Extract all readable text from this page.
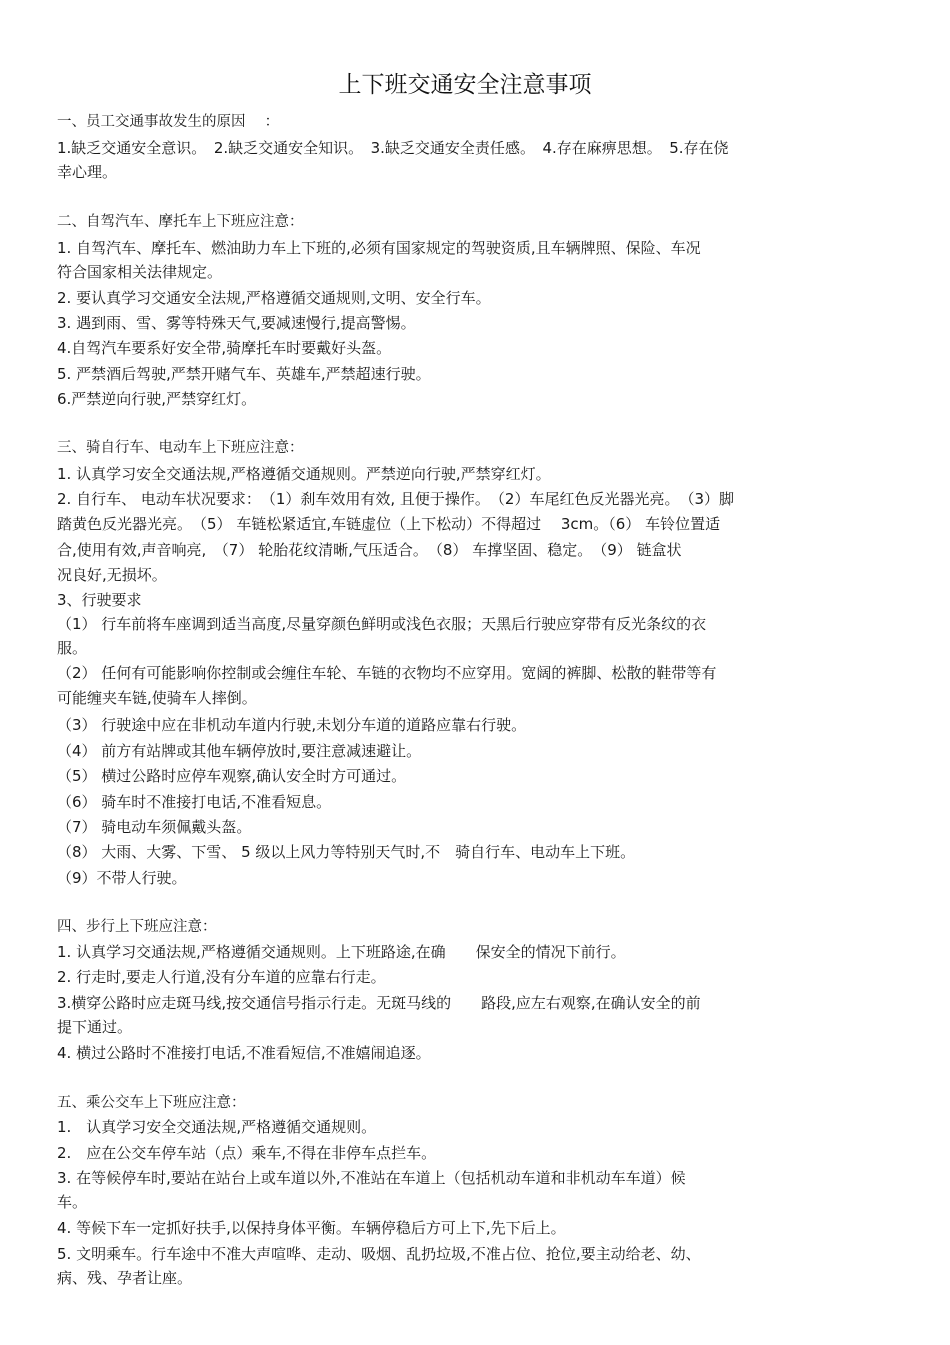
上下班交通安全注意事项
一、员工交通事故发生的原因　 ：
1.缺乏交通安全意识。　2.缺乏交通安全知识。　3.缺乏交通安全责任感。　4.存在麻痹思想。　5.存在侥
幸心理。
二、自驾汽车、摩托车上下班应注意：
1. 自驾汽车、摩托车、燃油助力车上下班的,必须有国家规定的驾驶资质,且车辆牌照、保险、车况
符合国家相关法律规定。
2. 要认真学习交通安全法规,严格遵循交通规则,文明、安全行车。
3. 遇到雨、雪、雾等特殊天气,要减速慢行,提高警惕。
4.自驾汽车要系好安全带,骑摩托车时要戴好头盔。
5. 严禁酒后驾驶,严禁开赌气车、英雄车,严禁超速行驶。
6.严禁逆向行驶,严禁穿红灯。
三、骑自行车、电动车上下班应注意：
1. 认真学习安全交通法规,严格遵循交通规则。严禁逆向行驶,严禁穿红灯。
2. 自行车、 电动车状况要求：　（1）刹车效用有效, 且便于操作。　（2）车尾红色反光器光亮。　（3）脚
踏黄色反光器光亮。　（5） 车链松紧适宜,车链虚位（上下松动）不得超过　 3cm。（6） 车铃位置适
合,使用有效,声音响亮,　（7） 轮胎花纹清晰,气压适合。　（8） 车撑坚固、稳定。　（9） 链盒状
况良好,无损坏。
3、行驶要求
（1） 行车前将车座调到适当高度,尽量穿颜色鲜明或浅色衣服；天黑后行驶应穿带有反光条纹的衣
服。
（2） 任何有可能影响你控制或会缠住车轮、车链的衣物均不应穿用。宽阔的裤脚、松散的鞋带等有
可能缠夹车链,使骑车人摔倒。
（3） 行驶途中应在非机动车道内行驶,未划分车道的道路应靠右行驶。
（4） 前方有站牌或其他车辆停放时,要注意减速避让。
（5） 横过公路时应停车观察,确认安全时方可通过。
（6） 骑车时不准接打电话,不准看短息。
（7） 骑电动车须佩戴头盔。
（8） 大雨、大雾、下雪、 5 级以上风力等特别天气时,不　骑自行车、电动车上下班。
（9）不带人行驶。
四、步行上下班应注意：
1. 认真学习交通法规,严格遵循交通规则。上下班路途,在确　　保安全的情况下前行。
2. 行走时,要走人行道,没有分车道的应靠右行走。
3.横穿公路时应走斑马线,按交通信号指示行走。无斑马线的　　路段,应左右观察,在确认安全的前
提下通过。
4. 横过公路时不准接打电话,不准看短信,不准嬉闹追逐。
五、乘公交车上下班应注意：
1.　认真学习安全交通法规,严格遵循交通规则。
2.　应在公交车停车站（点）乘车,不得在非停车点拦车。
3. 在等候停车时,要站在站台上或车道以外,不准站在车道上（包括机动车道和非机动车车道）候
车。
4. 等候下车一定抓好扶手,以保持身体平衡。车辆停稳后方可上下,先下后上。
5. 文明乘车。行车途中不准大声喧哗、走动、吸烟、乱扔垃圾,不准占位、抢位,要主动给老、幼、
病、残、孕者让座。
